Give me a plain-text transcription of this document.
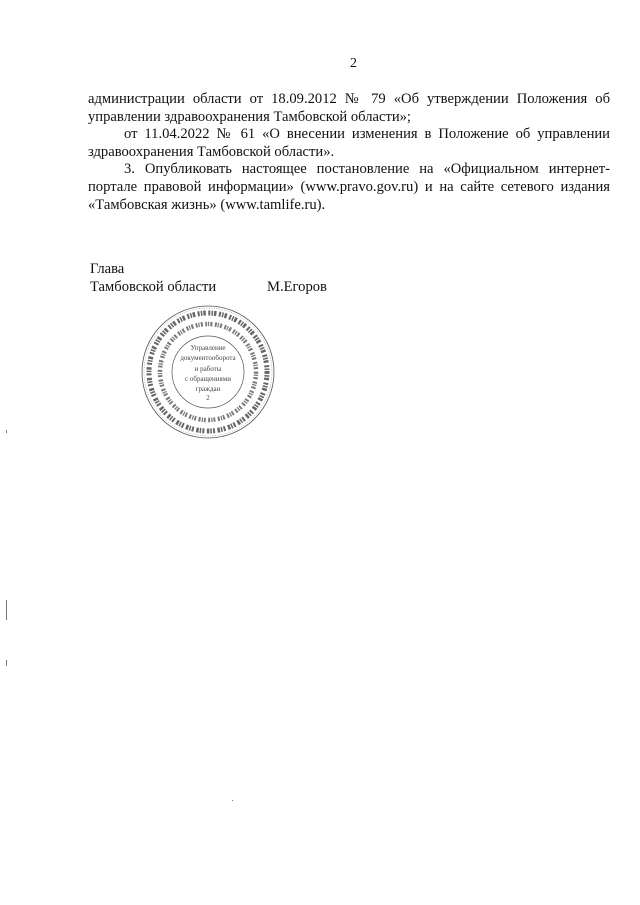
2

администрации области от 18.09.2012 № 79 «Об утверждении Положения об управлении здравоохранения Тамбовской области»;

от 11.04.2022 № 61 «О внесении изменения в Положение об управлении здравоохранения Тамбовской области».

3. Опубликовать настоящее постановление на «Официальном интернет-портале правовой информации» (www.pravo.gov.ru) и на сайте сетевого издания «Тамбовская жизнь» (www.tamlife.ru).

Глава
Тамбовской области	М.Егоров
Управление
документооборота
и работы
с обращениями
граждан
2
